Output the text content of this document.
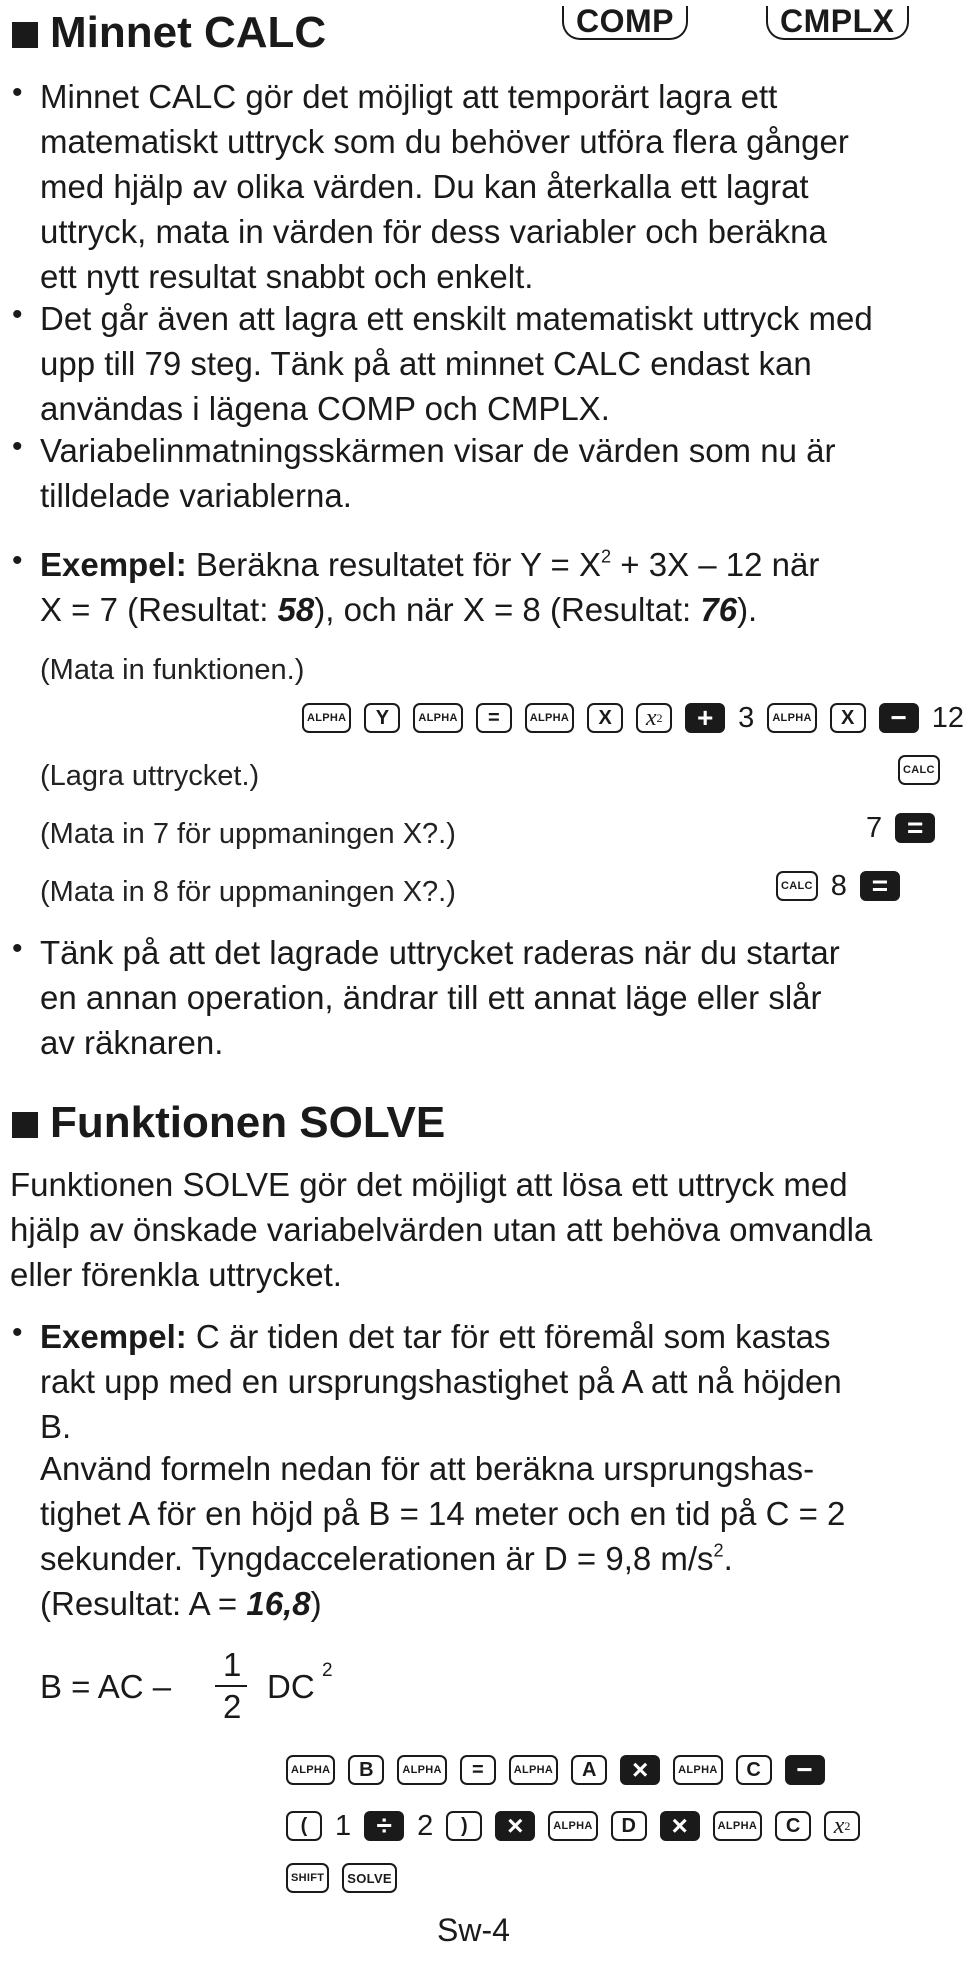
Minnet CALC	COMP	CMPLX
• Minnet CALC gör det möjligt att temporärt lagra ett
matematiskt uttryck som du behöver utföra flera gånger
med hjälp av olika värden. Du kan återkalla ett lagrat
uttryck, mata in värden för dess variabler och beräkna
ett nytt resultat snabbt och enkelt.
• Det går även att lagra ett enskilt matematiskt uttryck med
upp till 79 steg. Tänk på att minnet CALC endast kan
användas i lägena COMP och CMPLX.
• Variabelinmatningsskärmen visar de värden som nu är
tilldelade variablerna.
• Exempel: Beräkna resultatet för $Y = X^2 + 3X - 12$ när
X = 7 (Resultat: 58), och när X = 8 (Resultat: 76).
(Mata in funktionen.)
ALPHA	Y	ALPHA	=	ALPHA	X	x 2	+ 3	ALPHA	X	− 12
(Lagra uttrycket.)	CALC
(Mata in 7 för uppmaningen X?.)	7 =
(Mata in 8 för uppmaningen X?.)	CALC 8 =
• Tänk på att det lagrade uttrycket raderas när du startar
en annan operation, ändrar till ett annat läge eller slår
av räknaren.
Funktionen SOLVE
Funktionen SOLVE gör det möjligt att lösa ett uttryck med
hjälp av önskade variabelvärden utan att behöva omvandla
eller förenkla uttrycket.
• Exempel: C är tiden det tar för ett föremål som kastas
rakt upp med en ursprungshastighet på A att nå höjden
B.
Använd formeln nedan för att beräkna ursprungshas-
tighet A för en höjd på B = 14 meter och en tid på C = 2
sekunder. Tyngdaccelerationen är D = 9,8 $m/s^2$.
(Resultat: A = 16,8)
B = AC –
1
2
DC 2
ALPHA	B	ALPHA	=	ALPHA	A	×	ALPHA	C	−
( 1 ÷ 2	)	×	ALPHA	D	×	ALPHA	C	x 2
SHIFT	SOLVE
Sw-4
